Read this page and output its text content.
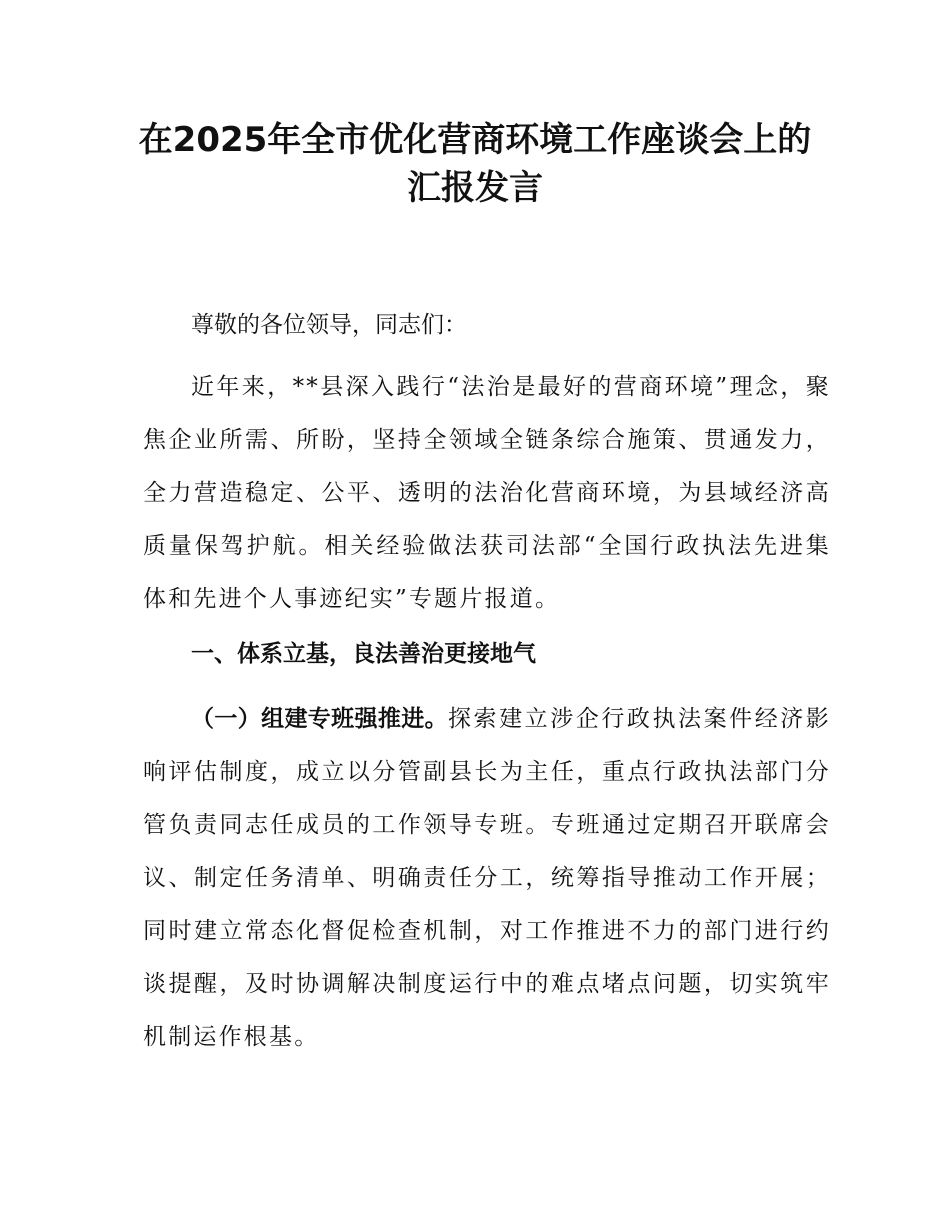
在2025年全市优化营商环境工作座谈会上的
汇报发言
尊敬的各位领导，同志们：
近年来，**县深入践行“法治是最好的营商环境”理念，聚焦企业所需、所盼，坚持全领域全链条综合施策、贯通发力，全力营造稳定、公平、透明的法治化营商环境，为县域经济高质量保驾护航。相关经验做法获司法部“全国行政执法先进集体和先进个人事迹纪实”专题片报道。
一、体系立基，良法善治更接地气
（一）组建专班强推进。探索建立涉企行政执法案件经济影响评估制度，成立以分管副县长为主任，重点行政执法部门分管负责同志任成员的工作领导专班。专班通过定期召开联席会议、制定任务清单、明确责任分工，统筹指导推动工作开展；同时建立常态化督促检查机制，对工作推进不力的部门进行约谈提醒，及时协调解决制度运行中的难点堵点问题，切实筑牢机制运作根基。
